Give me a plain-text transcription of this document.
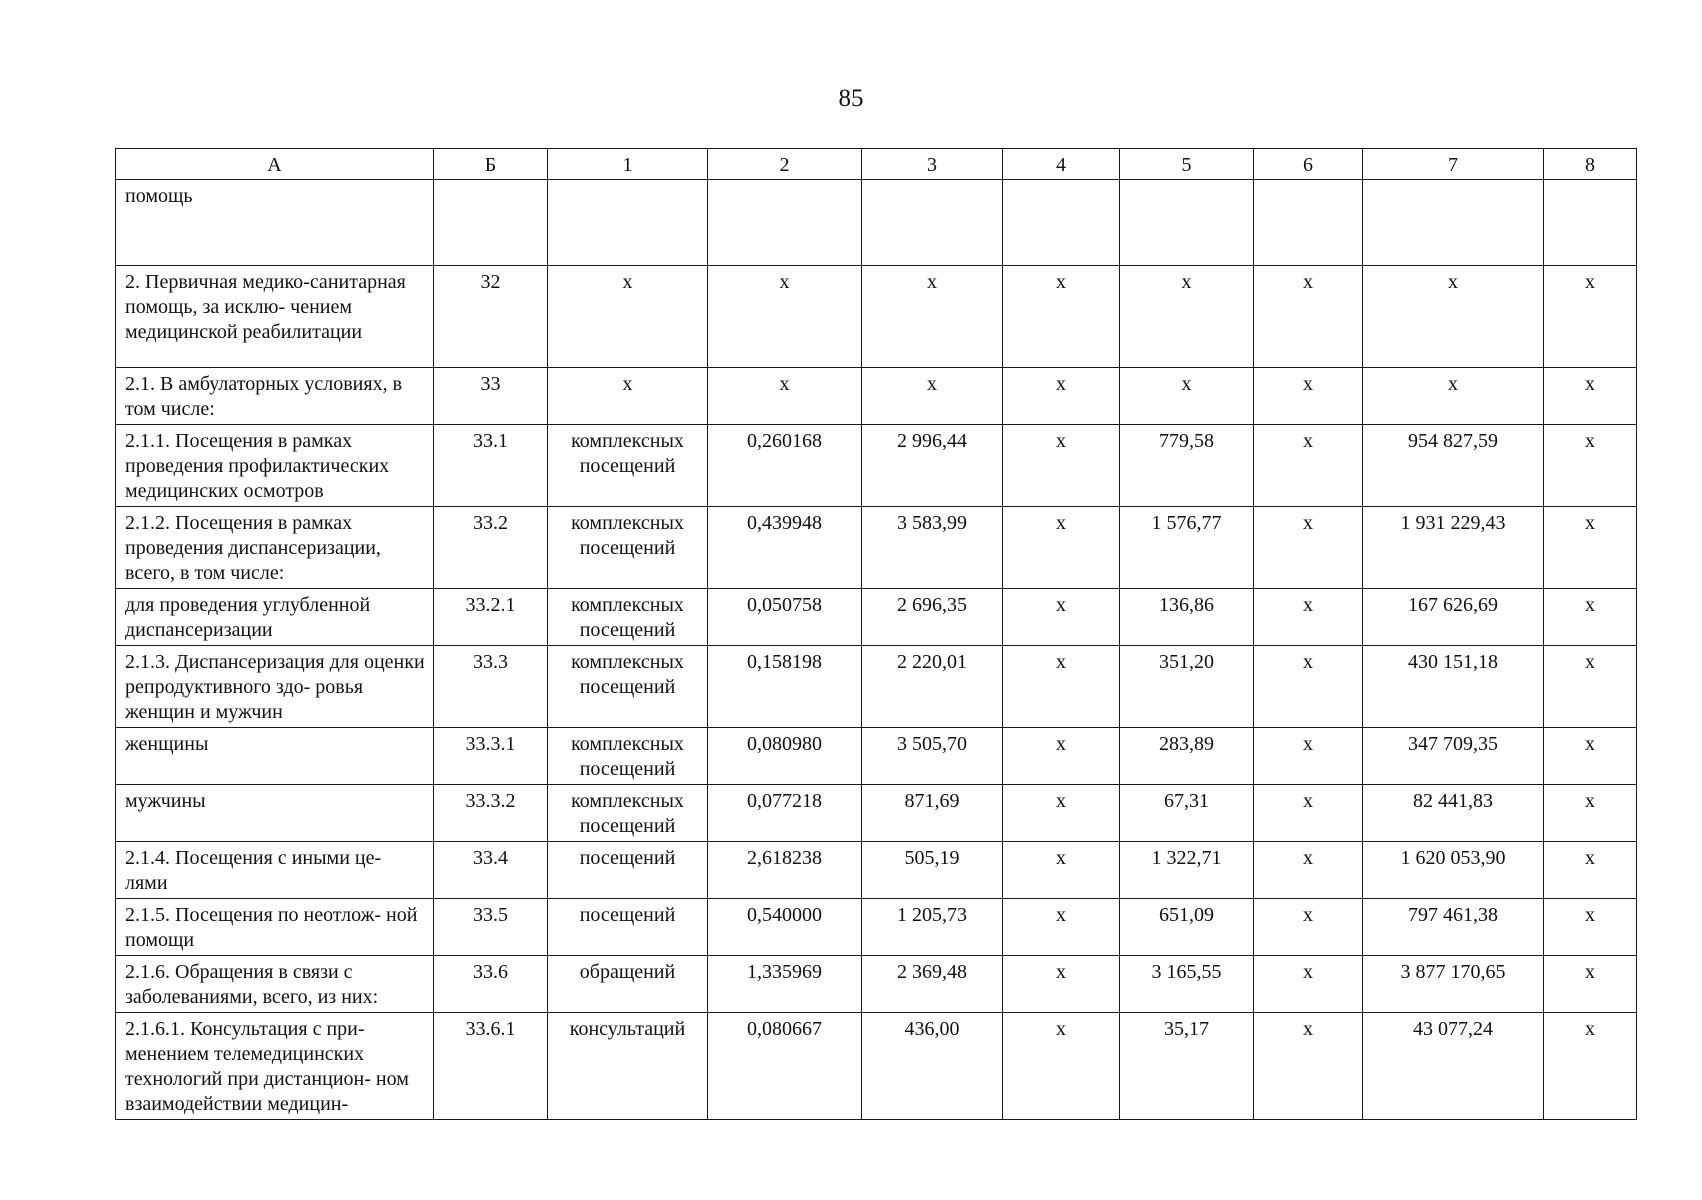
85
А	Б	1	2	3	4	5	6	7	8
помощь									
2. Первичная медико-санитарная помощь, за исклю- чением медицинской реабилитации	32	х	х	х	х	х	х	х	х
2.1. В амбулаторных условиях, в том числе:	33	х	х	х	х	х	х	х	х
2.1.1. Посещения в рамках проведения профилактических медицинских осмотров	33.1	комплексных посещений	0,260168	2 996,44	х	779,58	х	954 827,59	х
2.1.2. Посещения в рамках проведения диспансеризации, всего, в том числе:	33.2	комплексных посещений	0,439948	3 583,99	х	1 576,77	х	1 931 229,43	х
для проведения углубленной диспансеризации	33.2.1	комплексных посещений	0,050758	2 696,35	х	136,86	х	167 626,69	х
2.1.3. Диспансеризация для оценки репродуктивного здо- ровья женщин и мужчин	33.3	комплексных посещений	0,158198	2 220,01	х	351,20	х	430 151,18	х
женщины	33.3.1	комплексных посещений	0,080980	3 505,70	х	283,89	х	347 709,35	х
мужчины	33.3.2	комплексных посещений	0,077218	871,69	х	67,31	х	82 441,83	х
2.1.4. Посещения с иными це- лями	33.4	посещений	2,618238	505,19	х	1 322,71	х	1 620 053,90	х
2.1.5. Посещения по неотлож- ной помощи	33.5	посещений	0,540000	1 205,73	х	651,09	х	797 461,38	х
2.1.6. Обращения в связи с заболеваниями, всего, из них:	33.6	обращений	1,335969	2 369,48	х	3 165,55	х	3 877 170,65	х
2.1.6.1. Консультация с при- менением телемедицинских технологий при дистанцион- ном взаимодействии медицин-	33.6.1	консультаций	0,080667	436,00	х	35,17	х	43 077,24	х
